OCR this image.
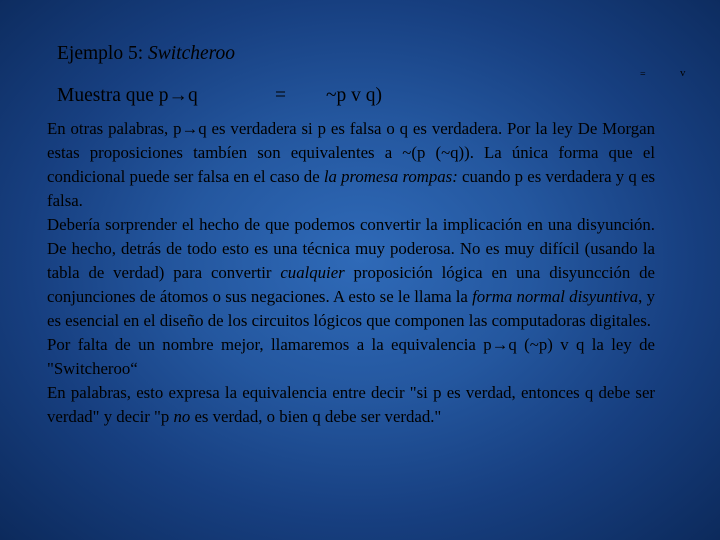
Ejemplo 5: Switcheroo
Muestra que p→q	= ~p v q)
=	v

En otras palabras, p→q es verdadera si p es falsa o q es verdadera. Por la ley De Morgan estas proposiciones tambíen son equivalentes a ~(p (~q)). La única forma que el condicional puede ser falsa en el caso de la promesa rompas: cuando p es verdadera y q es falsa.

Debería sorprender el hecho de que podemos convertir la implicación en una disyunción. De hecho, detrás de todo esto es una técnica muy poderosa. No es muy difícil (usando la tabla de verdad) para convertir cualquier proposición lógica en una disyuncción de conjunciones de átomos o sus negaciones. A esto se le llama la forma normal disyuntiva, y es esencial en el diseño de los circuitos lógicos que componen las computadoras digitales.

Por falta de un nombre mejor, llamaremos a la equivalencia p→q (~p) v q la ley de "Switcheroo“

En palabras, esto expresa la equivalencia entre decir "si p es verdad, entonces q debe ser verdad" y decir "p no es verdad, o bien q debe ser verdad."
